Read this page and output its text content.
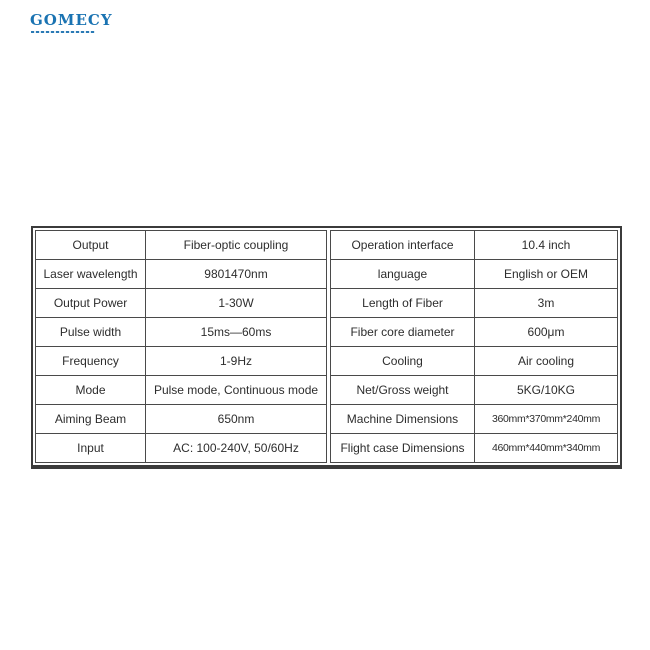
GOMECY
Output	Fiber-optic coupling
Laser wavelength	9801470nm
Output Power	1-30W
Pulse width	15ms—60ms
Frequency	1-9Hz
Mode	Pulse mode, Continuous mode
Aiming Beam	650nm
Input	AC: 100-240V, 50/60Hz
Operation interface	10.4 inch
language	English or OEM
Length of Fiber	3m
Fiber core diameter	600μm
Cooling	Air cooling
Net/Gross weight	5KG/10KG
Machine Dimensions	360mm*370mm*240mm
Flight case Dimensions	460mm*440mm*340mm
